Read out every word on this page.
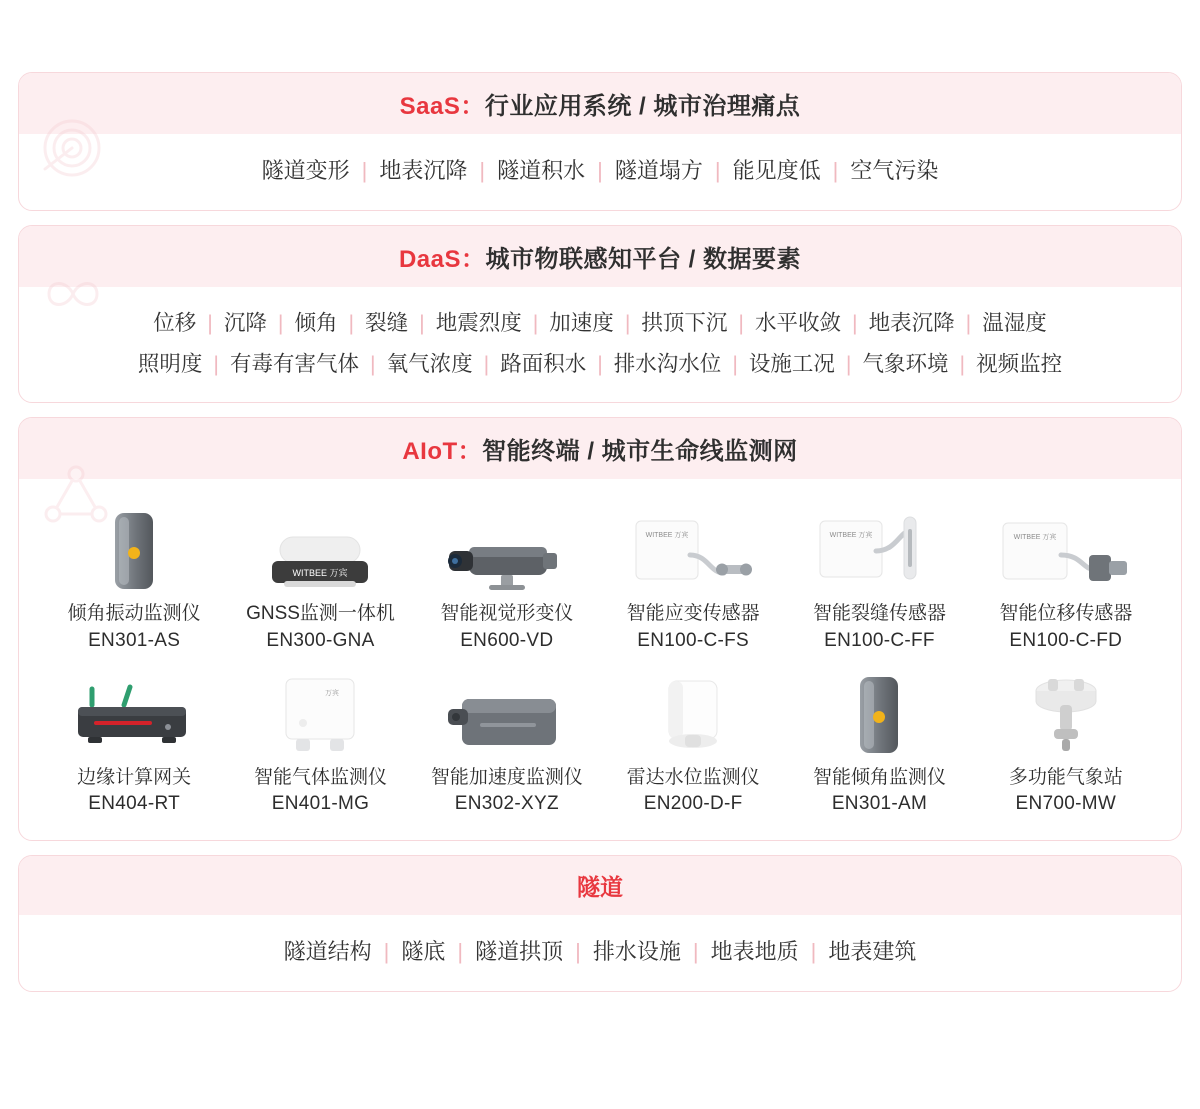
SaaS：行业应用系统 / 城市治理痛点
隧道变形 | 地表沉降 | 隧道积水 | 隧道塌方 | 能见度低 | 空气污染
DaaS：城市物联感知平台 / 数据要素
位移 | 沉降 | 倾角 | 裂缝 | 地震烈度 | 加速度 | 拱顶下沉 | 水平收敛 | 地表沉降 | 温湿度
照明度 | 有毒有害气体 | 氧气浓度 | 路面积水 | 排水沟水位 | 设施工况 | 气象环境 | 视频监控
AIoT：智能终端 / 城市生命线监测网
倾角振动监测仪
EN301-AS
WITBEE 万宾
GNSS监测一体机
EN300-GNA
智能视觉形变仪
EN600-VD
WITBEE 万宾
智能应变传感器
EN100-C-FS
WITBEE 万宾
智能裂缝传感器
EN100-C-FF
WITBEE 万宾
智能位移传感器
EN100-C-FD
边缘计算网关
EN404-RT
万宾
智能气体监测仪
EN401-MG
智能加速度监测仪
EN302-XYZ
雷达水位监测仪
EN200-D-F
智能倾角监测仪
EN301-AM
多功能气象站
EN700-MW
隧道
隧道结构 | 隧底 | 隧道拱顶 | 排水设施 | 地表地质 | 地表建筑
